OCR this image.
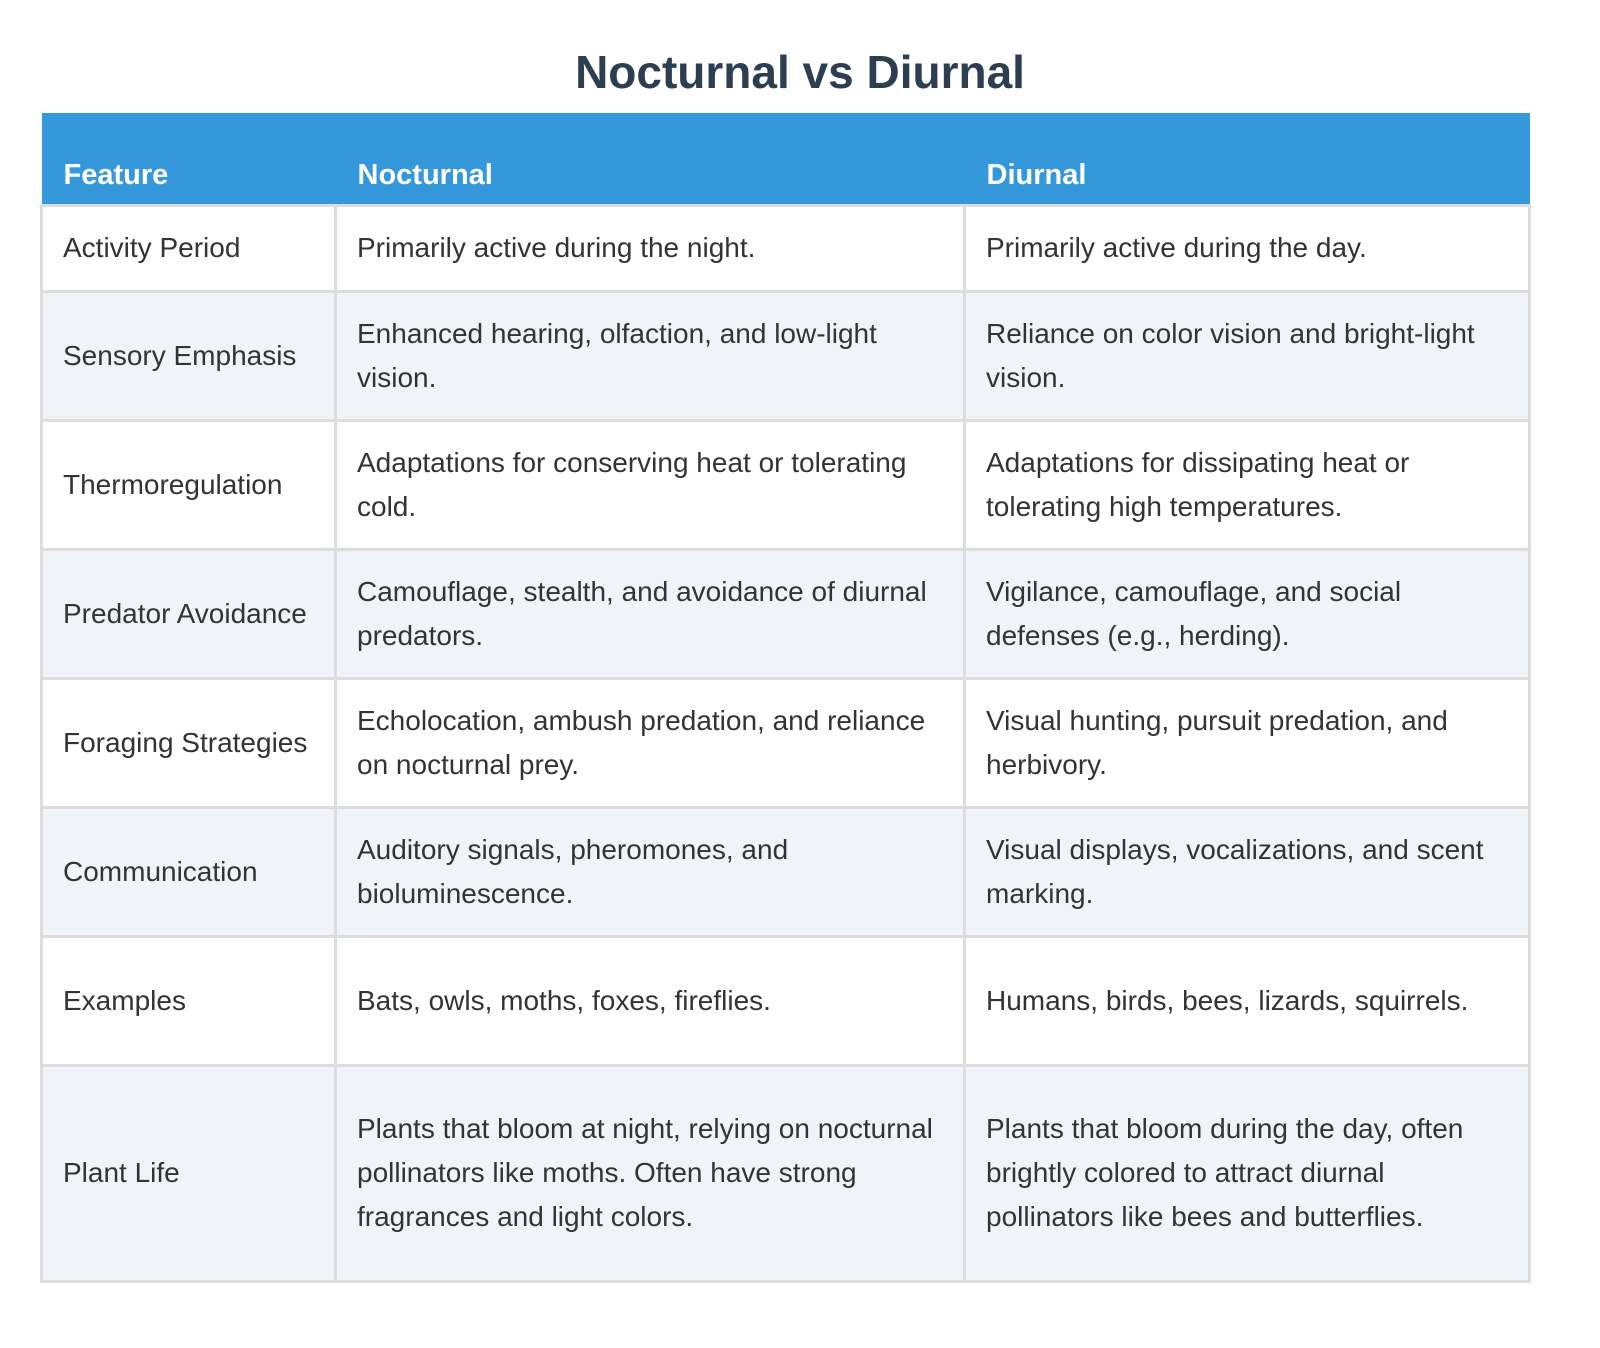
Nocturnal vs Diurnal
Feature	Nocturnal	Diurnal
Activity Period	Primarily active during the night.	Primarily active during the day.
Sensory Emphasis	Enhanced hearing, olfaction, and low-light vision.	Reliance on color vision and bright-light vision.
Thermoregulation	Adaptations for conserving heat or tolerating cold.	Adaptations for dissipating heat or tolerating high temperatures.
Predator Avoidance	Camouflage, stealth, and avoidance of diurnal predators.	Vigilance, camouflage, and social defenses (e.g., herding).
Foraging Strategies	Echolocation, ambush predation, and reliance on nocturnal prey.	Visual hunting, pursuit predation, and herbivory.
Communication	Auditory signals, pheromones, and bioluminescence.	Visual displays, vocalizations, and scent marking.
Examples	Bats, owls, moths, foxes, fireflies.	Humans, birds, bees, lizards, squirrels.
Plant Life	Plants that bloom at night, relying on nocturnal pollinators like moths. Often have strong fragrances and light colors.	Plants that bloom during the day, often brightly colored to attract diurnal pollinators like bees and butterflies.
